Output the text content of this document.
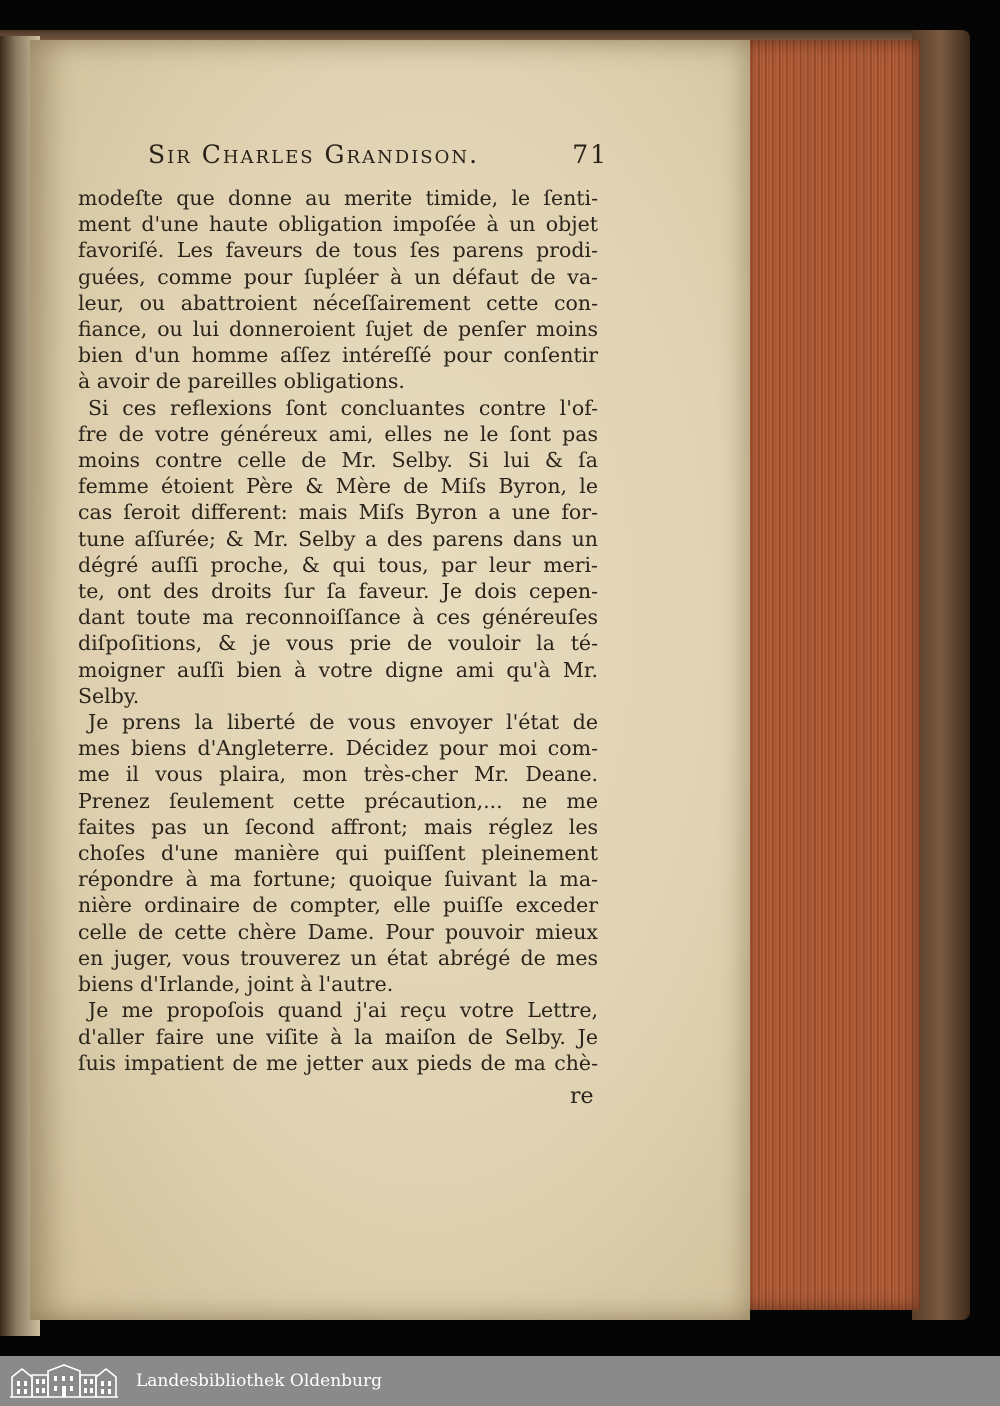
Sir Charles Grandison.	71
modeſte que donne au merite timide, le ſenti-
ment d'une haute obligation impoſée à un objet
favoriſé. Les faveurs de tous ſes parens prodi-
guées, comme pour ſupléer à un défaut de va-
leur, ou abattroient néceſſairement cette con-
fiance, ou lui donneroient ſujet de penſer moins
bien d'un homme aſſez intéreſſé pour conſentir
à avoir de pareilles obligations.
Si ces reflexions ſont concluantes contre l'of-
fre de votre généreux ami, elles ne le ſont pas
moins contre celle de Mr. Selby. Si lui & ſa
femme étoient Père & Mère de Miſs Byron, le
cas ſeroit different: mais Miſs Byron a une for-
tune aſſurée; & Mr. Selby a des parens dans un
dégré auſſi proche, & qui tous, par leur meri-
te, ont des droits ſur ſa faveur. Je dois cepen-
dant toute ma reconnoiſſance à ces généreuſes
diſpoſitions, & je vous prie de vouloir la té-
moigner auſſi bien à votre digne ami qu'à Mr.
Selby.
Je prens la liberté de vous envoyer l'état de
mes biens d'Angleterre. Décidez pour moi com-
me il vous plaira, mon très-cher Mr. Deane.
Prenez ſeulement cette précaution,... ne me
faites pas un ſecond affront; mais réglez les
choſes d'une manière qui puiſſent pleinement
répondre à ma fortune; quoique ſuivant la ma-
nière ordinaire de compter, elle puiſſe exceder
celle de cette chère Dame. Pour pouvoir mieux
en juger, vous trouverez un état abrégé de mes
biens d'Irlande, joint à l'autre.
Je me propoſois quand j'ai reçu votre Lettre,
d'aller faire une viſite à la maiſon de Selby. Je
ſuis impatient de me jetter aux pieds de ma chè-
re
Landesbibliothek Oldenburg
